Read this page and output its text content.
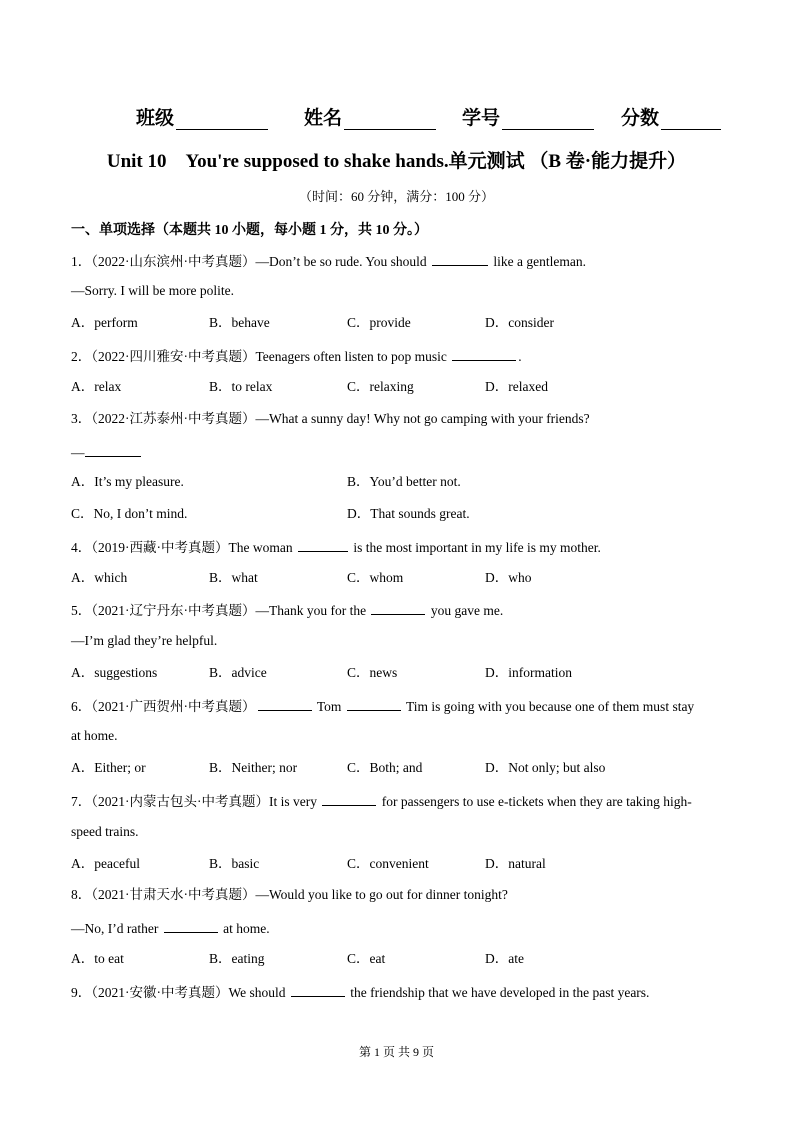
班级	姓名	学号	分数
Unit 10　You're supposed to shake hands.单元测试 （B 卷·能力提升）
（时间：60 分钟，满分：100 分）
一、单项选择（本题共 10 小题，每小题 1 分，共 10 分。）
1．（2022·山东滨州·中考真题）—Don’t be so rude. You should	like a gentleman.
—Sorry. I will be more polite.
A．perform	B．behave	C．provide	D．consider
2．（2022·四川雅安·中考真题）Teenagers often listen to pop music	.
A．relax	B．to relax	C．relaxing	D．relaxed
3．（2022·江苏泰州·中考真题）—What a sunny day! Why not go camping with your friends?
—
A．It’s my pleasure.	B．You’d better not.
C．No, I don’t mind.	D．That sounds great.
4．（2019·西藏·中考真题）The woman	is the most important in my life is my mother.
A．which	B．what	C．whom	D．who
5．（2021·辽宁丹东·中考真题）—Thank you for the	you gave me.
—I’m glad they’re helpful.
A．suggestions	B．advice	C．news	D．information
6．（2021·广西贺州·中考真题）	Tom	Tim is going with you because one of them must stay
at home.
A．Either; or	B．Neither; nor	C．Both; and	D．Not only; but also
7．（2021·内蒙古包头·中考真题）It is very	for passengers to use e-tickets when they are taking high-
speed trains.
A．peaceful	B．basic	C．convenient	D．natural
8．（2021·甘肃天水·中考真题）—Would you like to go out for dinner tonight?
—No, I’d rather	at home.
A．to eat	B．eating	C．eat	D．ate
9．（2021·安徽·中考真题）We should	the friendship that we have developed in the past years.
第 1 页 共 9 页
